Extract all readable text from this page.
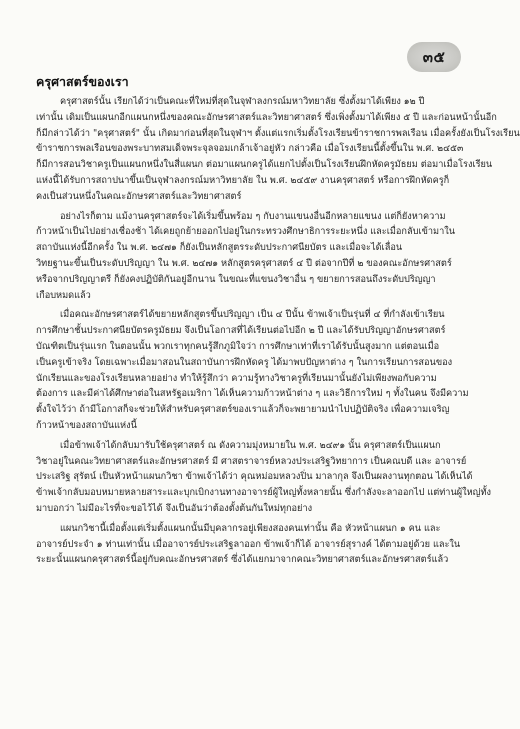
๓๕
ครุศาสตร์ของเรา
ครุศาสตร์นั้น เรียกได้ว่าเป็นคณะที่ใหม่ที่สุดในจุฬาลงกรณ์มหาวิทยาลัย ซึ่งตั้งมาได้เพียง ๑๒ ปี
เท่านั้น เดิมเป็นแผนกอีกแผนกหนึ่งของคณะอักษรศาสตร์และวิทยาศาสตร์ ซึ่งเพิ่งตั้งมาได้เพียง ๕ ปี และก่อนหน้านั้นอีก
ก็มีกล่าวได้ว่า "ครุศาสตร์" นั้น เกิดมาก่อนที่สุดในจุฬาฯ ตั้งแต่แรกเริ่มตั้งโรงเรียนข้าราชการพลเรือน เมื่อครั้งยังเป็นโรงเรียน
ข้าราชการพลเรือนของพระบาทสมเด็จพระจุลจอมเกล้าเจ้าอยู่หัว กล่าวคือ เมื่อโรงเรียนนี้ตั้งขึ้นใน พ.ศ. ๒๔๕๓
ก็มีการสอนวิชาครูเป็นแผนกหนึ่งในสี่แผนก ต่อมาแผนกครูได้แยกไปตั้งเป็นโรงเรียนฝึกหัดครูมัธยม ต่อมาเมื่อโรงเรียน
แห่งนี้ได้รับการสถาปนาขึ้นเป็นจุฬาลงกรณ์มหาวิทยาลัย ใน พ.ศ. ๒๔๕๙ งานครุศาสตร์ หรือการฝึกหัดครูก็
คงเป็นส่วนหนึ่งในคณะอักษรศาสตร์และวิทยาศาสตร์
อย่างไรก็ตาม แม้งานครุศาสตร์จะได้เริ่มขึ้นพร้อม ๆ กับงานแขนงอื่นอีกหลายแขนง แต่ก็ยังหาความ
ก้าวหน้าเป็นไปอย่างเชื่องช้า ได้เคยถูกย้ายออกไปอยู่ในกระทรวงศึกษาธิการระยะหนึ่ง และเมื่อกลับเข้ามาใน
สถาบันแห่งนี้อีกครั้ง ใน พ.ศ. ๒๔๗๑ ก็ยังเป็นหลักสูตรระดับประกาศนียบัตร และเมื่อจะได้เลื่อน
วิทยฐานะขึ้นเป็นระดับปริญญา ใน พ.ศ. ๒๔๗๑ หลักสูตรครุศาสตร์ ๔ ปี ต่อจากปีที่ ๒ ของคณะอักษรศาสตร์
หรือจากปริญญาตรี ก็ยังคงปฏิบัติกันอยู่อีกนาน ในขณะที่แขนงวิชาอื่น ๆ ขยายการสอนถึงระดับปริญญา
เกือบหมดแล้ว
เมื่อคณะอักษรศาสตร์ได้ขยายหลักสูตรขึ้นปริญญา เป็น ๔ ปีนั้น ข้าพเจ้าเป็นรุ่นที่ ๔ ที่กำลังเข้าเรียน
การศึกษาชั้นประกาศนียบัตรครูมัธยม จึงเป็นโอกาสที่ได้เรียนต่อไปอีก ๒ ปี และได้รับปริญญาอักษรศาสตร์
บัณฑิตเป็นรุ่นแรก ในตอนนั้น พวกเราทุกคนรู้สึกภูมิใจว่า การศึกษาเท่าที่เราได้รับนั้นสูงมาก แต่ตอนเมื่อ
เป็นครูเข้าจริง โดยเฉพาะเมื่อมาสอนในสถาบันการฝึกหัดครู ได้มาพบปัญหาต่าง ๆ ในการเรียนการสอนของ
นักเรียนและของโรงเรียนหลายอย่าง ทำให้รู้สึกว่า ความรู้ทางวิชาครูที่เรียนมานั้นยังไม่เพียงพอกับความ
ต้องการ และมีค่าได้ศึกษาต่อในสหรัฐอเมริกา ได้เห็นความก้าวหน้าต่าง ๆ และวิธีการใหม่ ๆ ทั้งในคน จึงมีความ
ตั้งใจไว้ว่า ถ้ามีโอกาสก็จะช่วยให้สำหรับครุศาสตร์ของเราแล้วก็จะพยายามนำไปปฏิบัติจริง เพื่อความเจริญ
ก้าวหน้าของสถาบันแห่งนี้
เมื่อข้าพเจ้าได้กลับมารับใช้ครุศาสตร์ ณ ดังความมุ่งหมายใน พ.ศ. ๒๔๙๑ นั้น ครุศาสตร์เป็นแผนก
วิชาอยู่ในคณะวิทยาศาสตร์และอักษรศาสตร์ มี ศาสตราจารย์หลวงประเสริฐวิทยาการ เป็นคณบดี และ อาจารย์
ประเสริฐ สุรัตน์ เป็นหัวหน้าแผนกวิชา ข้าพเจ้าได้ว่า คุณหม่อมหลวงปิ่น มาลากุล จึงเป็นผลงานทุกตอน ได้เห็นได้
ข้าพเจ้ากลับมอบหมายหลายสาระและบุกเบิกงานทางอาจารย์ผู้ใหญ่ทั้งหลายนั้น ซึ่งกำลังจะลาออกไป แต่ท่านผู้ใหญ่ทั้ง
มาบอกว่า ไม่มีอะไรที่จะขอไว้ได้ จึงเป็นอันว่าต้องตั้งต้นกันใหม่ทุกอย่าง
แผนกวิชานี้เมื่อตั้งแต่เริ่มตั้งแผนกนั้นมีบุคลากรอยู่เพียงสองคนเท่านั้น คือ หัวหน้าแผนก ๑ คน และ
อาจารย์ประจำ ๑ ท่านเท่านั้น เมื่ออาจารย์ประเสริฐลาออก ข้าพเจ้าก็ได้ อาจารย์สุรางค์ ได้ตามอยู่ด้วย และใน
ระยะนั้นแผนกครุศาสตร์นี้อยู่กับคณะอักษรศาสตร์ ซึ่งได้แยกมาจากคณะวิทยาศาสตร์และอักษรศาสตร์แล้ว
